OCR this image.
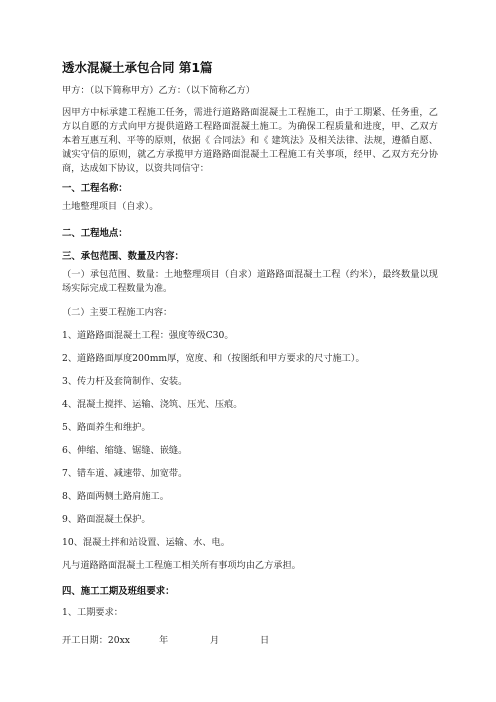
透水混凝土承包合同 第1篇
甲方：（以下简称甲方）乙方：（以下简称乙方）
因甲方中标承建工程施工任务，需进行道路路面混凝土工程施工，由于工期紧、任务重，乙方以自愿的方式向甲方提供道路工程路面混凝土施工。为确保工程质量和进度，甲、乙双方本着互惠互利、平等的原则，依据《 合同法》和《 建筑法》及相关法律、法规，遵循自愿、诚实守信的原则，就乙方承揽甲方道路路面混凝土工程施工有关事项，经甲、乙双方充分协商，达成如下协议，以资共同信守：
一、工程名称：
土地整理项目（自求）。
二、工程地点：
三、承包范围、数量及内容：
（一）承包范围、数量：土地整理项目（自求）道路路面混凝土工程（约米），最终数量以现场实际完成工程数量为准。
（二）主要工程施工内容：
1、道路路面混凝土工程：强度等级C30。
2、道路路面厚度200mm厚，宽度、和（按图纸和甲方要求的尺寸施工）。
3、传力杆及套筒制作、安装。
4、混凝土搅拌、运输、浇筑、压光、压痕。
5、路面养生和维护。
6、伸缩、缩缝、锯缝、嵌缝。
7、错车道、减速带、加宽带。
8、路面两侧土路肩施工。
9、路面混凝土保护。
10、混凝土拌和站设置、运输、水、电。
凡与道路路面混凝土工程施工相关所有事项均由乙方承担。
四、施工工期及班组要求：
1、工期要求：
开工日期：20xx	年	月	日
